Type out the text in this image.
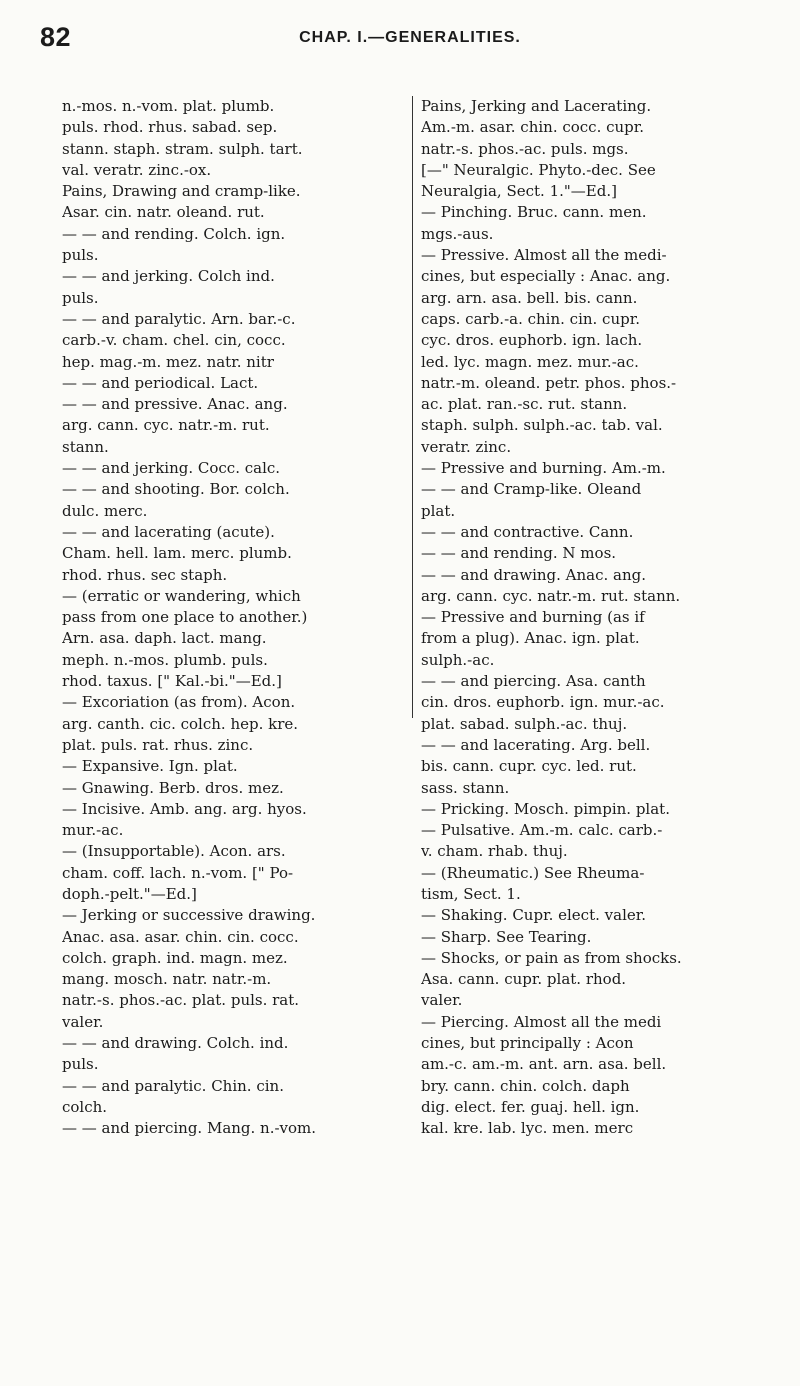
82	CHAP. I.—GENERALITIES.
n.-mos. n.-vom. plat. plumb.
puls. rhod. rhus. sabad. sep.
stann. staph. stram. sulph. tart.
val. veratr. zinc.-ox.
Pains, Drawing and cramp-like.
Asar. cin. natr. oleand. rut.
— — and rending. Colch. ign.
puls.
— — and jerking. Colch ind.
puls.
— — and paralytic. Arn. bar.-c.
carb.-v. cham. chel. cin, cocc.
hep. mag.-m. mez. natr. nitr
— — and periodical. Lact.
— — and pressive. Anac. ang.
arg. cann. cyc. natr.-m. rut.
stann.
— — and jerking. Cocc. calc.
— — and shooting. Bor. colch.
dulc. merc.
— — and lacerating (acute).
Cham. hell. lam. merc. plumb.
rhod. rhus. sec staph.
— (erratic or wandering, which
pass from one place to another.)
Arn. asa. daph. lact. mang.
meph. n.-mos. plumb. puls.
rhod. taxus. [" Kal.-bi."—Ed.]
— Excoriation (as from). Acon.
arg. canth. cic. colch. hep. kre.
plat. puls. rat. rhus. zinc.
— Expansive. Ign. plat.
— Gnawing. Berb. dros. mez.
— Incisive. Amb. ang. arg. hyos.
mur.-ac.
— (Insupportable). Acon. ars.
cham. coff. lach. n.-vom. [" Po-
doph.-pelt."—Ed.]
— Jerking or successive drawing.
Anac. asa. asar. chin. cin. cocc.
colch. graph. ind. magn. mez.
mang. mosch. natr. natr.-m.
natr.-s. phos.-ac. plat. puls. rat.
valer.
— — and drawing. Colch. ind.
puls.
— — and paralytic. Chin. cin.
colch.
— — and piercing. Mang. n.-vom.
Pains, Jerking and Lacerating.
Am.-m. asar. chin. cocc. cupr.
natr.-s. phos.-ac. puls. mgs.
[—" Neuralgic. Phyto.-dec. See
Neuralgia, Sect. 1."—Ed.]
— Pinching. Bruc. cann. men.
mgs.-aus.
— Pressive. Almost all the medi-
cines, but especially : Anac. ang.
arg. arn. asa. bell. bis. cann.
caps. carb.-a. chin. cin. cupr.
cyc. dros. euphorb. ign. lach.
led. lyc. magn. mez. mur.-ac.
natr.-m. oleand. petr. phos. phos.-
ac. plat. ran.-sc. rut. stann.
staph. sulph. sulph.-ac. tab. val.
veratr. zinc.
— Pressive and burning. Am.-m.
— — and Cramp-like. Oleand
plat.
— — and contractive. Cann.
— — and rending. N mos.
— — and drawing. Anac. ang.
arg. cann. cyc. natr.-m. rut. stann.
— Pressive and burning (as if
from a plug). Anac. ign. plat.
sulph.-ac.
— — and piercing. Asa. canth
cin. dros. euphorb. ign. mur.-ac.
plat. sabad. sulph.-ac. thuj.
— — and lacerating. Arg. bell.
bis. cann. cupr. cyc. led. rut.
sass. stann.
— Pricking. Mosch. pimpin. plat.
— Pulsative. Am.-m. calc. carb.-
v. cham. rhab. thuj.
— (Rheumatic.) See Rheuma-
tism, Sect. 1.
— Shaking. Cupr. elect. valer.
— Sharp. See Tearing.
— Shocks, or pain as from shocks.
Asa. cann. cupr. plat. rhod.
valer.
— Piercing. Almost all the medi
cines, but principally : Acon
am.-c. am.-m. ant. arn. asa. bell.
bry. cann. chin. colch. daph
dig. elect. fer. guaj. hell. ign.
kal. kre. lab. lyc. men. merc
